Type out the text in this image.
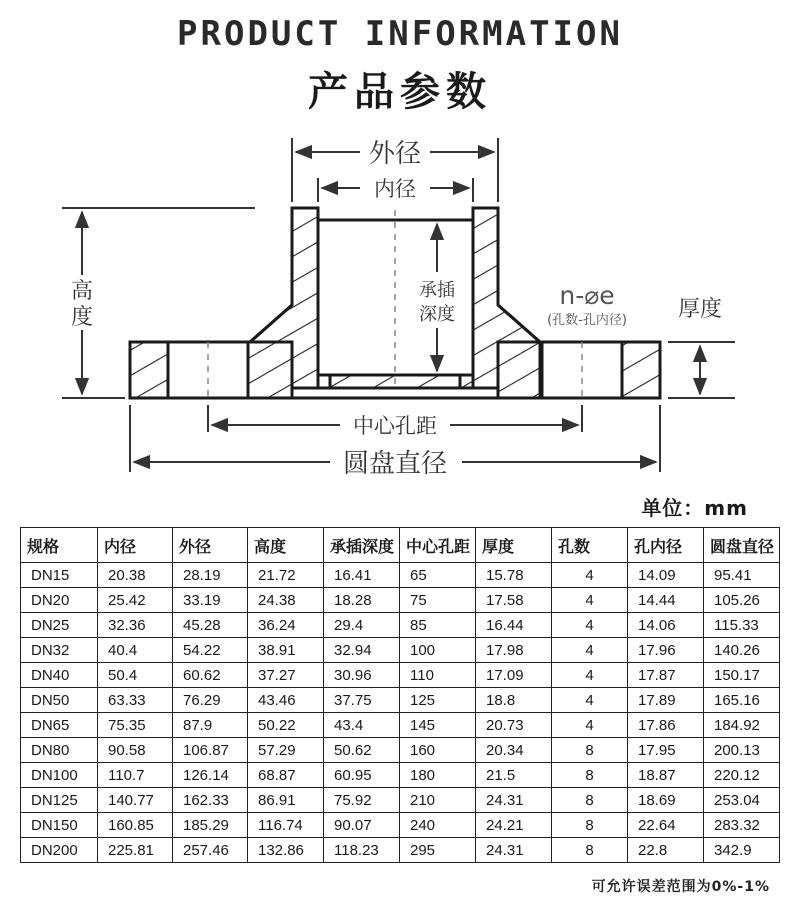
PRODUCT INFORMATION
产品参数
外径
内径
高
度
承插
深度
n-⌀e
(孔数-孔内径) 厚度
中心孔距
圆盘直径
单位：mm
规格	内径	外径	高度	承插深度	中心孔距	厚度	孔数	孔内径	圆盘直径
DN15	20.38	28.19	21.72	16.41	65	15.78	4	14.09	95.41
DN20	25.42	33.19	24.38	18.28	75	17.58	4	14.44	105.26
DN25	32.36	45.28	36.24	29.4	85	16.44	4	14.06	115.33
DN32	40.4	54.22	38.91	32.94	100	17.98	4	17.96	140.26
DN40	50.4	60.62	37.27	30.96	110	17.09	4	17.87	150.17
DN50	63.33	76.29	43.46	37.75	125	18.8	4	17.89	165.16
DN65	75.35	87.9	50.22	43.4	145	20.73	4	17.86	184.92
DN80	90.58	106.87	57.29	50.62	160	20.34	8	17.95	200.13
DN100	110.7	126.14	68.87	60.95	180	21.5	8	18.87	220.12
DN125	140.77	162.33	86.91	75.92	210	24.31	8	18.69	253.04
DN150	160.85	185.29	116.74	90.07	240	24.21	8	22.64	283.32
DN200	225.81	257.46	132.86	118.23	295	24.31	8	22.8	342.9
可允许误差范围为0%-1%
